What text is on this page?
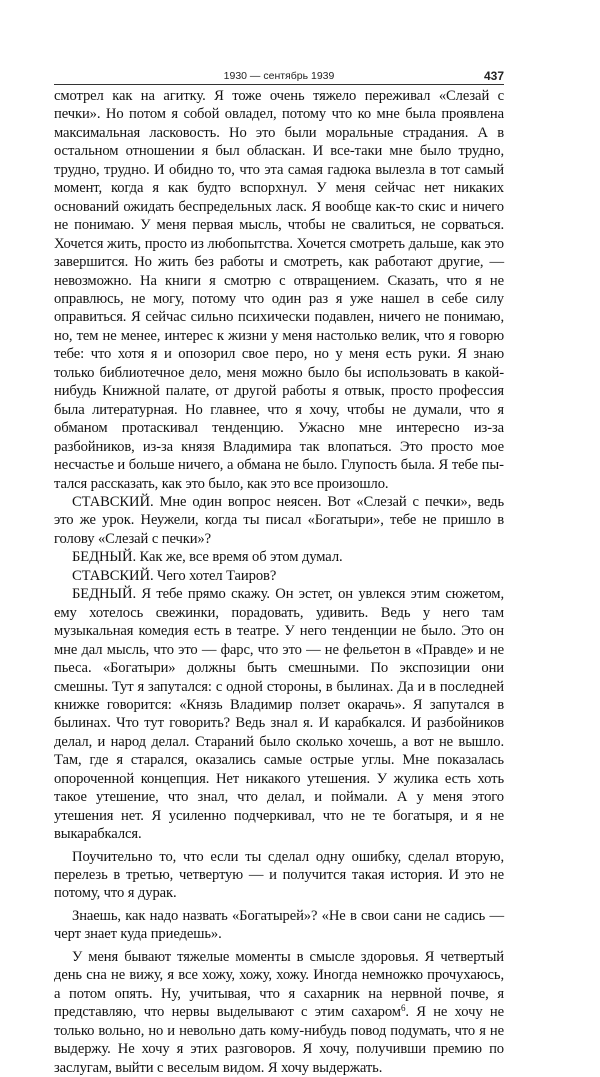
1930 — сентябрь 1939	437

смотрел как на агитку. Я тоже очень тяжело переживал «Слезай с печки». Но потом я собой овладел, потому что ко мне была проявлена максимальная ласковость. Но это были моральные страдания. А в остальном отношении я был обласкан. И все-таки мне было трудно, трудно, трудно. И обидно то, что эта самая гадюка вылезла в тот самый момент, когда я как будто вспорхнул. У меня сейчас нет никаких оснований ожидать беспредельных ласк. Я вообще как-то скис и ничего не понимаю. У меня первая мысль, чтобы не свалиться, не сорваться. Хочется жить, просто из любопытства. Хочется смотреть дальше, как это завершится. Но жить без работы и смотреть, как работают другие, — невозможно. На книги я смотрю с отвращением. Сказать, что я не оправлюсь, не могу, потому что один раз я уже нашел в себе силу оправиться. Я сейчас сильно психически подавлен, ничего не понимаю, но, тем не менее, интерес к жизни у меня настолько велик, что я говорю тебе: что хотя я и опозорил свое перо, но у меня есть руки. Я знаю только библиотечное дело, меня можно было бы использовать в какой-нибудь Книжной палате, от другой работы я отвык, просто профессия была литературная. Но главнее, что я хочу, чтобы не думали, что я обманом протаскивал тенденцию. Ужасно мне интересно из-за разбойников, из-за князя Владимира так влопаться. Это просто мое несчастье и больше ничего, а обмана не было. Глупость была. Я тебе пытался рассказать, как это было, как это все произошло.

СТАВСКИЙ. Мне один вопрос неясен. Вот «Слезай с печки», ведь это же урок. Неужели, когда ты писал «Богатыри», тебе не пришло в голову «Слезай с печки»?

БЕДНЫЙ. Как же, все время об этом думал.

СТАВСКИЙ. Чего хотел Таиров?

БЕДНЫЙ. Я тебе прямо скажу. Он эстет, он увлекся этим сюжетом, ему хотелось свежинки, порадовать, удивить. Ведь у него там музыкальная комедия есть в театре. У него тенденции не было. Это он мне дал мысль, что это — фарс, что это — не фельетон в «Правде» и не пьеса. «Богатыри» должны быть смешными. По экспозиции они смешны. Тут я запутался: с одной стороны, в былинах. Да и в последней книжке говорится: «Князь Владимир ползет окарачь». Я запутался в былинах. Что тут говорить? Ведь знал я. И карабкался. И разбойников делал, и народ делал. Стараний было сколько хочешь, а вот не вышло. Там, где я старался, оказались самые острые углы. Мне показалась опороченной концепция. Нет никакого утешения. У жулика есть хоть такое утешение, что знал, что делал, и поймали. А у меня этого утешения нет. Я усиленно подчеркивал, что не те богатыря, и я не выкарабкался.

Поучительно то, что если ты сделал одну ошибку, сделал вторую, перелезь в третью, четвертую — и получится такая история. И это не потому, что я дурак.

Знаешь, как надо назвать «Богатырей»? «Не в свои сани не садись — черт знает куда приедешь».

У меня бывают тяжелые моменты в смысле здоровья. Я четвертый день сна не вижу, я все хожу, хожу, хожу. Иногда немножко прочухаюсь, а потом опять. Ну, учитывая, что я сахарник на нервной почве, я представляю, что нервы выделывают с этим сахаром$^6$. Я не хочу не только вольно, но и невольно дать кому-нибудь повод подумать, что я не выдержу. Не хочу я этих разговоров. Я хочу, получивши премию по заслугам, выйти с веселым видом. Я хочу выдержать.
